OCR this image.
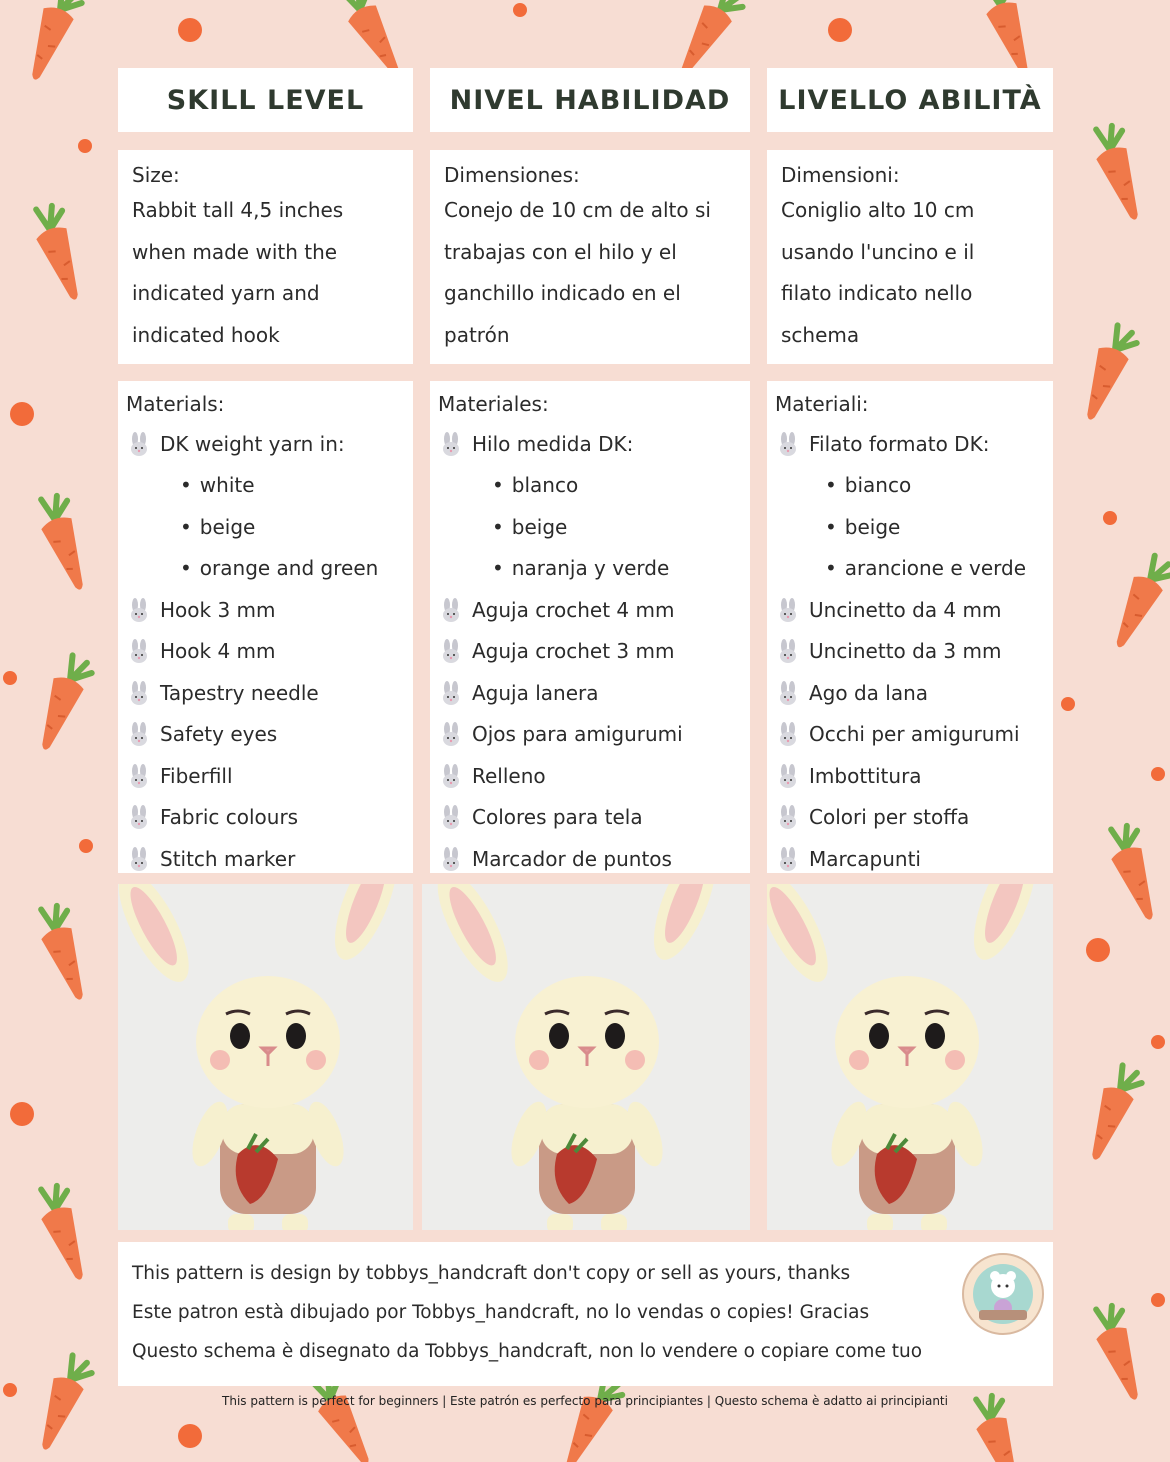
SKILL LEVEL
Size:
Rabbit tall 4,5 inches
when made with the
indicated yarn and
indicated hook
Materials:
DK weight yarn in:
• white
• beige
• orange and green
Hook 3 mm
Hook 4 mm
Tapestry needle
Safety eyes
Fiberfill
Fabric colours
Stitch marker
NIVEL HABILIDAD
Dimensiones:
Conejo de 10 cm de alto si
trabajas con el hilo y el
ganchillo indicado en el
patrón
Materiales:
Hilo medida DK:
• blanco
• beige
• naranja y verde
Aguja crochet 4 mm
Aguja crochet 3 mm
Aguja lanera
Ojos para amigurumi
Relleno
Colores para tela
Marcador de puntos
LIVELLO ABILITÀ
Dimensioni:
Coniglio alto 10 cm
usando l'uncino e il
filato indicato nello
schema
Materiali:
Filato formato DK:
• bianco
• beige
• arancione e verde
Uncinetto da 4 mm
Uncinetto da 3 mm
Ago da lana
Occhi per amigurumi
Imbottitura
Colori per stoffa
Marcapunti
This pattern is design by tobbys_handcraft don't copy or sell as yours, thanks
Este patron està dibujado por Tobbys_handcraft, no lo vendas o copies! Gracias
Questo schema è disegnato da Tobbys_handcraft, non lo vendere o copiare come tuo
This pattern is perfect for beginners | Este patrón es perfecto para principiantes | Questo schema è adatto ai principianti
